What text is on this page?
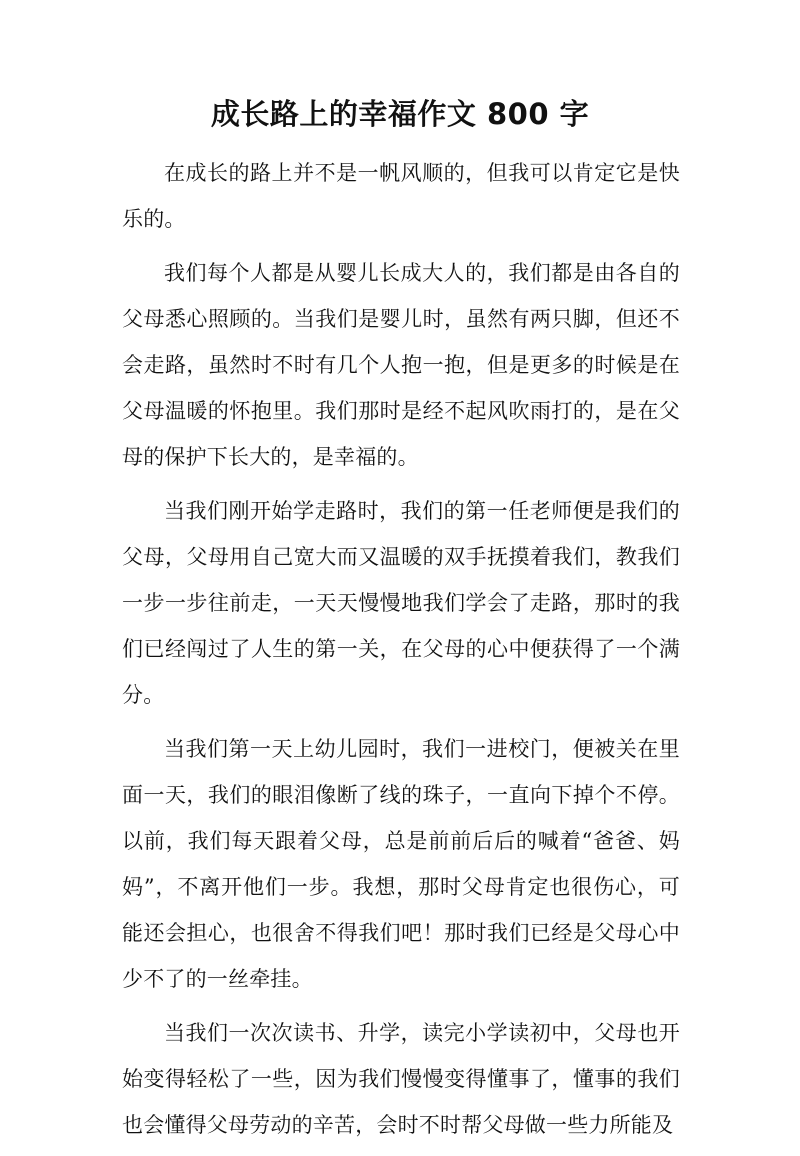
成长路上的幸福作文 800 字

在成长的路上并不是一帆风顺的，但我可以肯定它是快乐的。

我们每个人都是从婴儿长成大人的，我们都是由各自的父母悉心照顾的。当我们是婴儿时，虽然有两只脚，但还不会走路，虽然时不时有几个人抱一抱，但是更多的时候是在父母温暖的怀抱里。我们那时是经不起风吹雨打的，是在父母的保护下长大的，是幸福的。

当我们刚开始学走路时，我们的第一任老师便是我们的父母，父母用自己宽大而又温暖的双手抚摸着我们，教我们一步一步往前走，一天天慢慢地我们学会了走路，那时的我们已经闯过了人生的第一关，在父母的心中便获得了一个满分。

当我们第一天上幼儿园时，我们一进校门，便被关在里面一天，我们的眼泪像断了线的珠子，一直向下掉个不停。以前，我们每天跟着父母，总是前前后后的喊着“爸爸、妈妈”，不离开他们一步。我想，那时父母肯定也很伤心，可能还会担心，也很舍不得我们吧！那时我们已经是父母心中少不了的一丝牵挂。

当我们一次次读书、升学，读完小学读初中，父母也开始变得轻松了一些，因为我们慢慢变得懂事了，懂事的我们也会懂得父母劳动的辛苦，会时不时帮父母做一些力所能及
